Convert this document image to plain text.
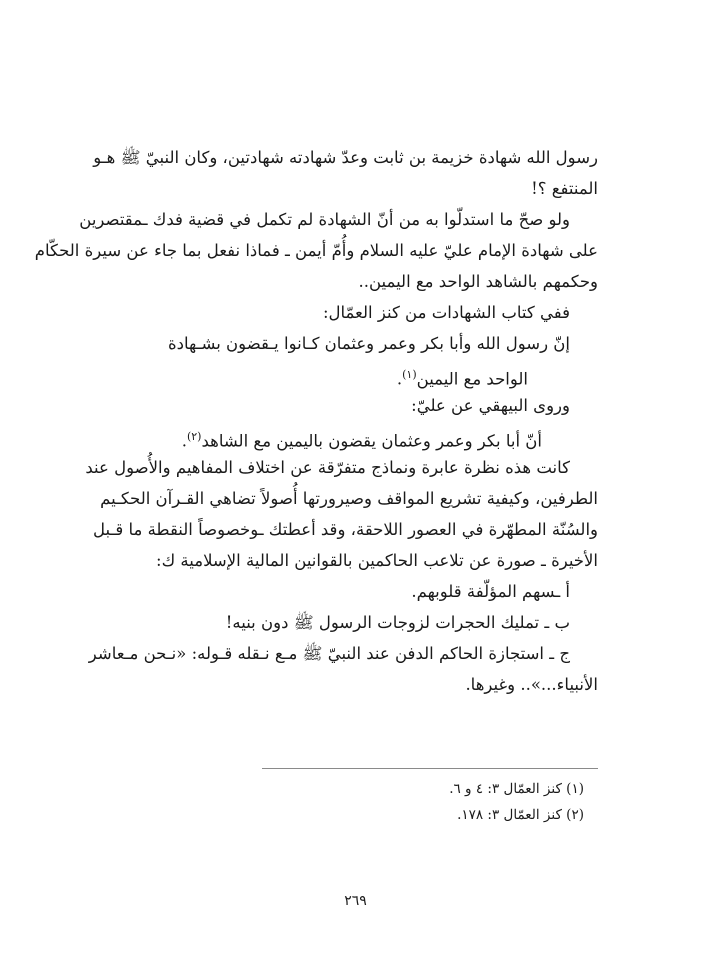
رسول الله شهادة خزيمة بن ثابت وعدّ شهادته شهادتين، وكان النبيّ ﷺ هـو
المنتفع ؟!
ولو صحّ ما استدلّوا به من أنّ الشهادة لم تكمل في قضية فدك ـمقتصرين
على شهادة الإمام عليّ عليه السلام وأُمّ أيمن ـ فماذا نفعل بما جاء عن سيرة الحكّام
وحكمهم بالشاهد الواحد مع اليمين..
ففي كتاب الشهادات من كنز العمّال:
إنّ رسول الله وأبا بكر وعمر وعثمان كـانوا يـقضون بشـهادة
الواحد مع اليمين$^{(١)}$.
وروى البيهقي عن عليّ:
أنّ أبا بكر وعمر وعثمان يقضون باليمين مع الشاهد$^{(٢)}$.
كانت هذه نظرة عابرة ونماذج متفرّقة عن اختلاف المفاهيم والأُصول عند
الطرفين، وكيفية تشريع المواقف وصيرورتها أُصولاً تضاهي القـرآن الحكـيم
والسُنّة المطهّرة في العصور اللاحقة، وقد أعطتك ـوخصوصاً النقطة ما قـبل
الأخيرة ـ صورة عن تلاعب الحاكمين بالقوانين المالية الإسلامية ك:
أ ـسهم المؤلّفة قلوبهم.
ب ـ تمليك الحجرات لزوجات الرسول ﷺ دون بنيه!
ج ـ استجازة الحاكم الدفن عند النبيّ ﷺ مـع نـقله قـوله: «نـحن مـعاشر
الأنبياء...».. وغيرها.
(١) كنز العمّال ٣: ٤ و ٦.
(٢) كنز العمّال ٣: ١٧٨.
٢٦٩
